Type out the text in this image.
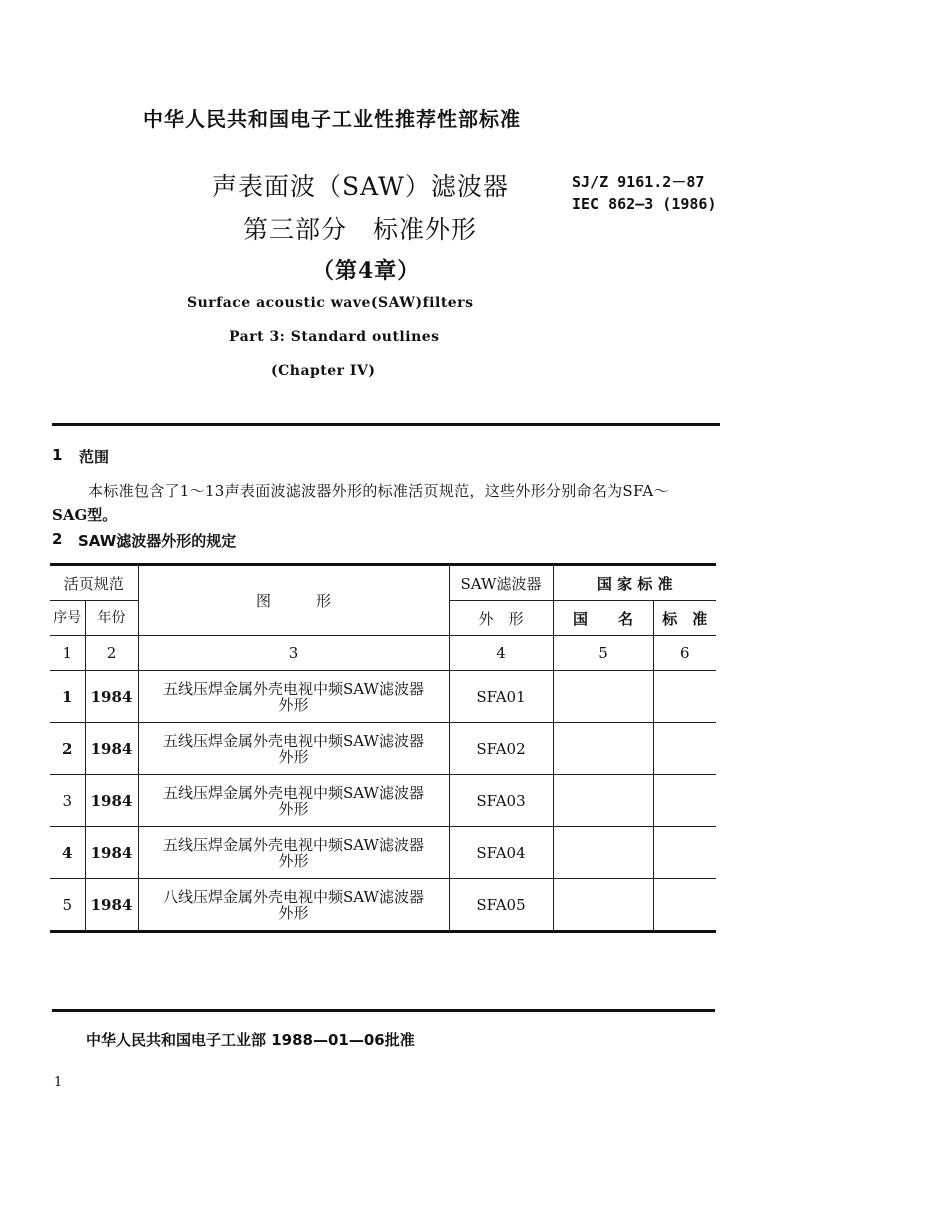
中华人民共和国电子工业性推荐性部标准
声表面波（SAW）滤波器
第三部分　标准外形
（第4章）
SJ/Z 9161.2－87
IEC 862—3 (1986)
Surface acoustic wave(SAW)filters
Part 3: Standard outlines
(Chapter IV)
1 范围
本标准包含了1～13声表面波滤波器外形的标准活页规范，这些外形分别命名为SFA～
SAG型。
2 SAW滤波器外形的规定
活页规范		图　　　形	SAW滤波器	国 家 标 准	
序号	年份		外　形	国　　名	标　准
1	2	3	4	5	6
1	1984	五线压焊金属外壳电视中频SAW滤波器
外形	SFA01		
2	1984	五线压焊金属外壳电视中频SAW滤波器
外形	SFA02		
3	1984	五线压焊金属外壳电视中频SAW滤波器
外形	SFA03		
4	1984	五线压焊金属外壳电视中频SAW滤波器
外形	SFA04		
5	1984	八线压焊金属外壳电视中频SAW滤波器
外形	SFA05		
中华人民共和国电子工业部 1988—01—06批准
1
